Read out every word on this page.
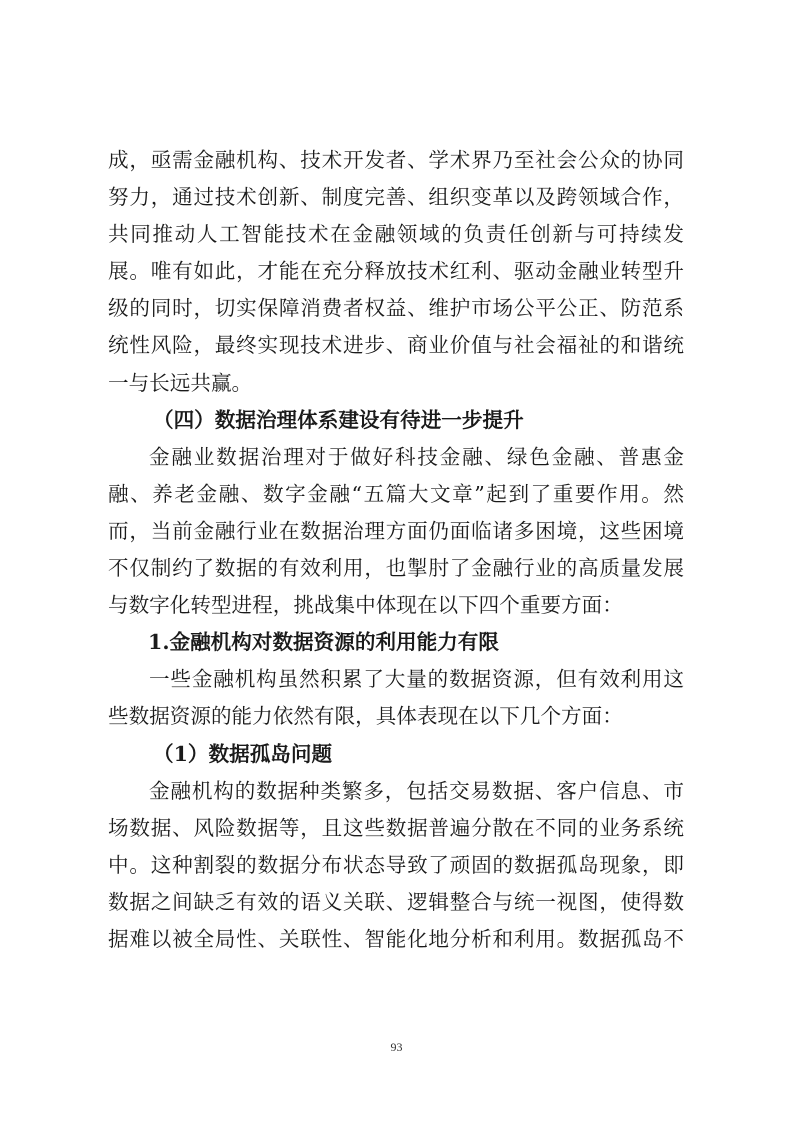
成，亟需金融机构、技术开发者、学术界乃至社会公众的协同
努力，通过技术创新、制度完善、组织变革以及跨领域合作，
共同推动人工智能技术在金融领域的负责任创新与可持续发
展。唯有如此，才能在充分释放技术红利、驱动金融业转型升
级的同时，切实保障消费者权益、维护市场公平公正、防范系
统性风险，最终实现技术进步、商业价值与社会福祉的和谐统
一与长远共赢。
（四）数据治理体系建设有待进一步提升
金融业数据治理对于做好科技金融、绿色金融、普惠金
融、养老金融、数字金融“五篇大文章”起到了重要作用。然
而，当前金融行业在数据治理方面仍面临诸多困境，这些困境
不仅制约了数据的有效利用，也掣肘了金融行业的高质量发展
与数字化转型进程，挑战集中体现在以下四个重要方面：
1.金融机构对数据资源的利用能力有限
一些金融机构虽然积累了大量的数据资源，但有效利用这
些数据资源的能力依然有限，具体表现在以下几个方面：
（1）数据孤岛问题
金融机构的数据种类繁多，包括交易数据、客户信息、市
场数据、风险数据等，且这些数据普遍分散在不同的业务系统
中。这种割裂的数据分布状态导致了顽固的数据孤岛现象，即
数据之间缺乏有效的语义关联、逻辑整合与统一视图，使得数
据难以被全局性、关联性、智能化地分析和利用。数据孤岛不
93
